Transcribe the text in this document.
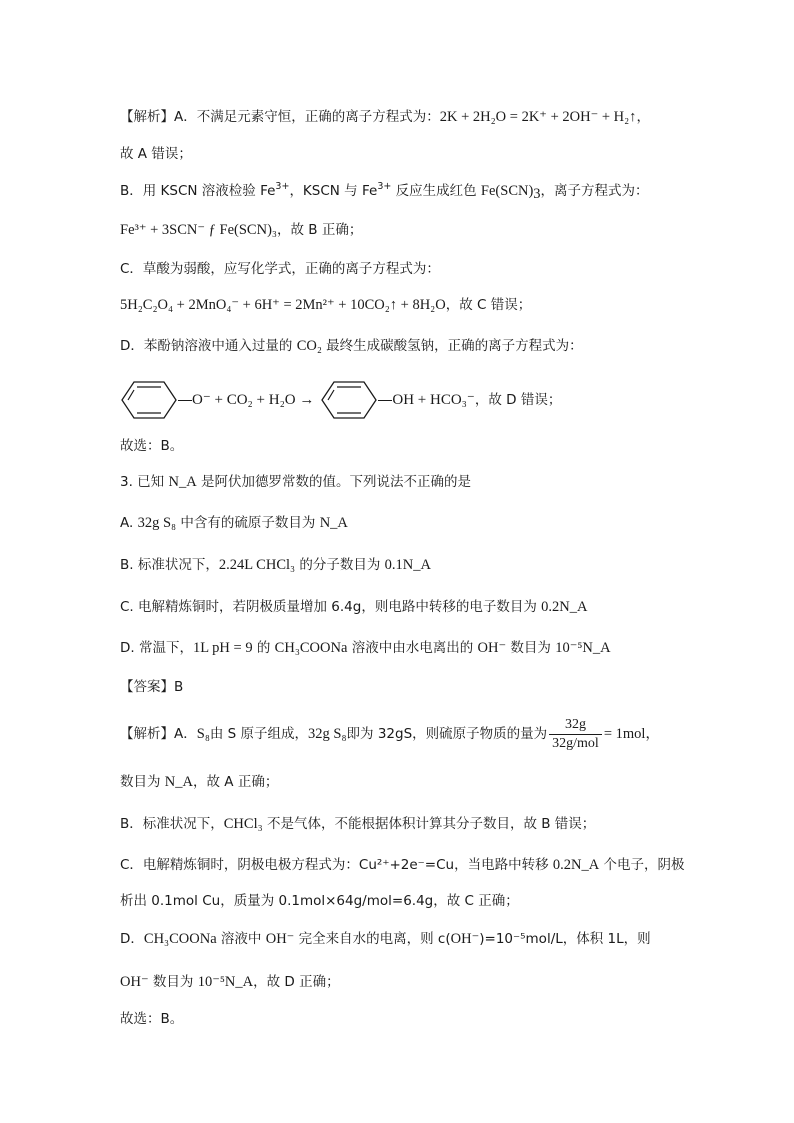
【解析】A．不满足元素守恒，正确的离子方程式为：2K + 2H₂O = 2K⁺ + 2OH⁻ + H₂↑，
故 A 错误；
B．用 KSCN 溶液检验 $Fe^{3+}$，KSCN 与 $Fe^{3+}$ 反应生成红色 $Fe(SCN)_3$，离子方程式为：
Fe³⁺ + 3SCN⁻ ƒ Fe(SCN)₃，故 B 正确；
C．草酸为弱酸，应写化学式，正确的离子方程式为：
5H₂C₂O₄ + 2MnO₄⁻ + 6H⁺ = 2Mn²⁺ + 10CO₂↑ + 8H₂O，故 C 错误；
D．苯酚钠溶液中通入过量的 CO₂ 最终生成碳酸氢钠，正确的离子方程式为：
O⁻ + CO₂ + H₂O →	OH + HCO₃⁻ ，故 D 错误；
故选：B。
3. 已知 N_A 是阿伏加德罗常数的值。下列说法不正确的是
A. 32g S₈ 中含有的硫原子数目为 N_A
B. 标准状况下，2.24L CHCl₃ 的分子数目为 0.1N_A
C. 电解精炼铜时，若阴极质量增加 6.4g，则电路中转移的电子数目为 0.2N_A
D. 常温下，1L pH = 9 的 CH₃COONa 溶液中由水电离出的 OH⁻ 数目为 10⁻⁵N_A
【答案】B
【解析】A． S₈ 由 S 原子组成， 32g S₈ 即为 32gS，则硫原子物质的量为 $\frac{32g}{\text{32g/mol}} = 1mol$，
数目为 N_A，故 A 正确；
B．标准状况下，CHCl₃ 不是气体，不能根据体积计算其分子数目，故 B 错误；
C．电解精炼铜时，阴极电极方程式为：Cu²⁺+2e⁻=Cu，当电路中转移 0.2N_A 个电子，阴极
析出 0.1mol Cu，质量为 0.1mol×64g/mol=6.4g，故 C 正确；
D．CH₃COONa 溶液中 OH⁻ 完全来自水的电离，则 c(OH⁻)=10⁻⁵mol/L，体积 1L，则
OH⁻ 数目为 10⁻⁵N_A，故 D 正确；
故选：B。
